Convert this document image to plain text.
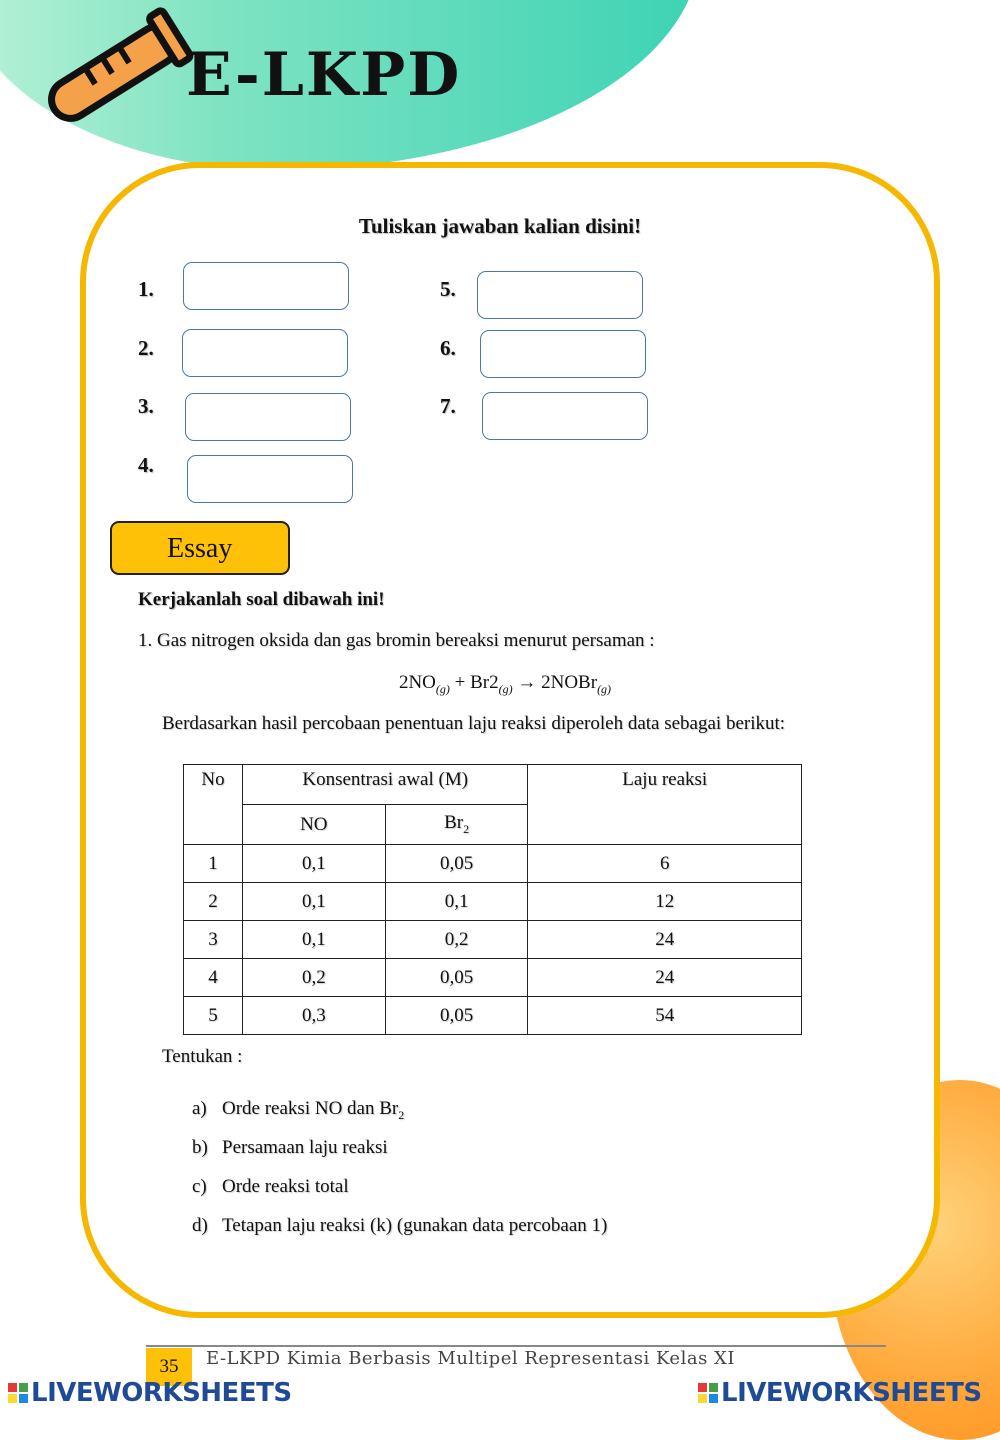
E-LKPD
Tuliskan jawaban kalian disini!
1.
2.
3.
4.
5.
6.
7.
Essay
Kerjakanlah soal dibawah ini!
1. Gas nitrogen oksida dan gas bromin bereaksi menurut persaman :
$2NO_{(g)} + Br2_{(g)}$ → 2NOBr$_{(g)}$
Berdasarkan hasil percobaan penentuan laju reaksi diperoleh data sebagai berikut:
No	Konsentrasi awal (M)		Laju reaksi
	NO	$Br_2$
1	0,1	0,05	6
2	0,1	0,1	12
3	0,1	0,2	24
4	0,2	0,05	24
5	0,3	0,05	54
Tentukan :
a) Orde reaksi NO dan $Br_2$
b) Persamaan laju reaksi
c) Orde reaksi total
d) Tetapan laju reaksi (k) (gunakan data percobaan 1)
35	E-LKPD Kimia Berbasis Multipel Representasi Kelas XI
LIVEWORKSHEETS	LIVEWORKSHEETS
